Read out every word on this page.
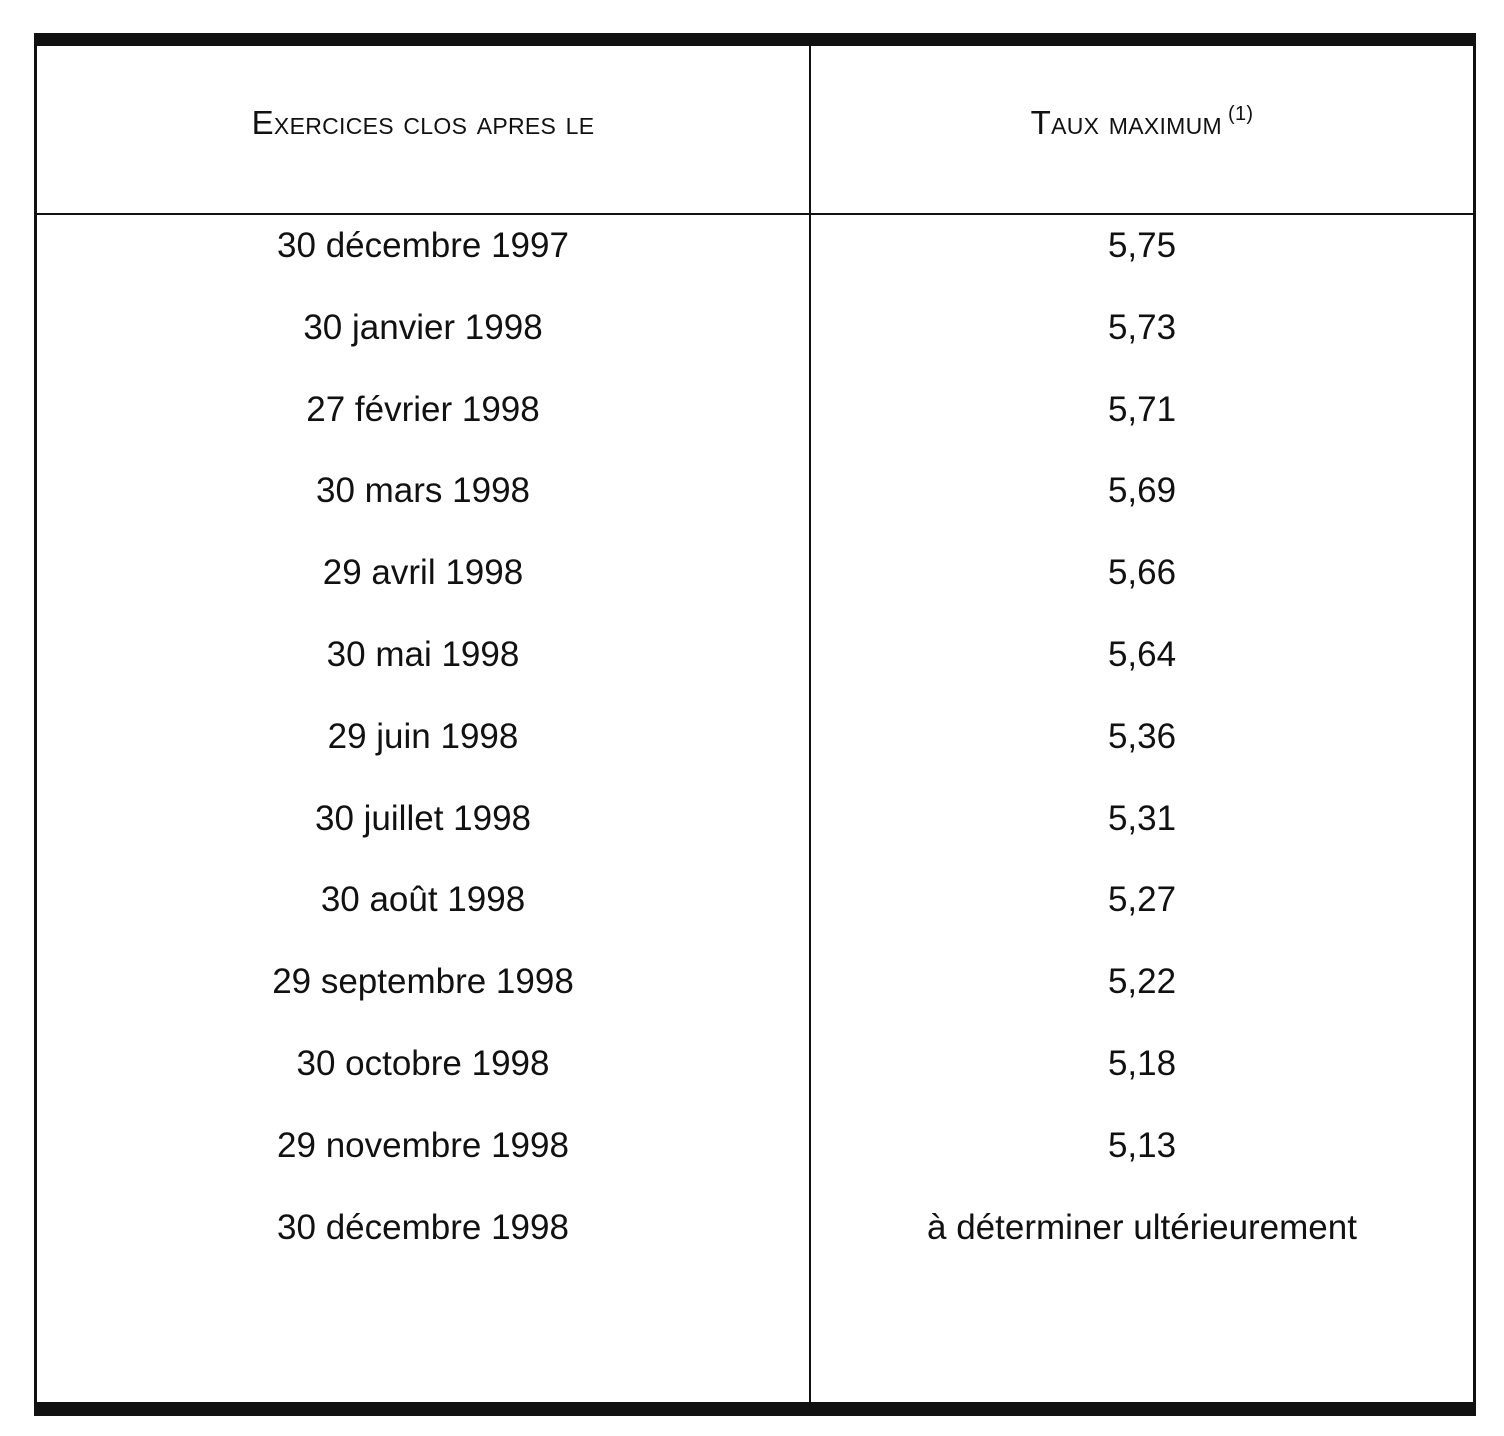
Exercices clos apres le	Taux maximum $^{(1)}$
30 décembre 1997	5,75
30 janvier 1998	5,73
27 février 1998	5,71
30 mars 1998	5,69
29 avril 1998	5,66
30 mai 1998	5,64
29 juin 1998	5,36
30 juillet 1998	5,31
30 août 1998	5,27
29 septembre 1998	5,22
30 octobre 1998	5,18
29 novembre 1998	5,13
30 décembre 1998	à déterminer ultérieurement
